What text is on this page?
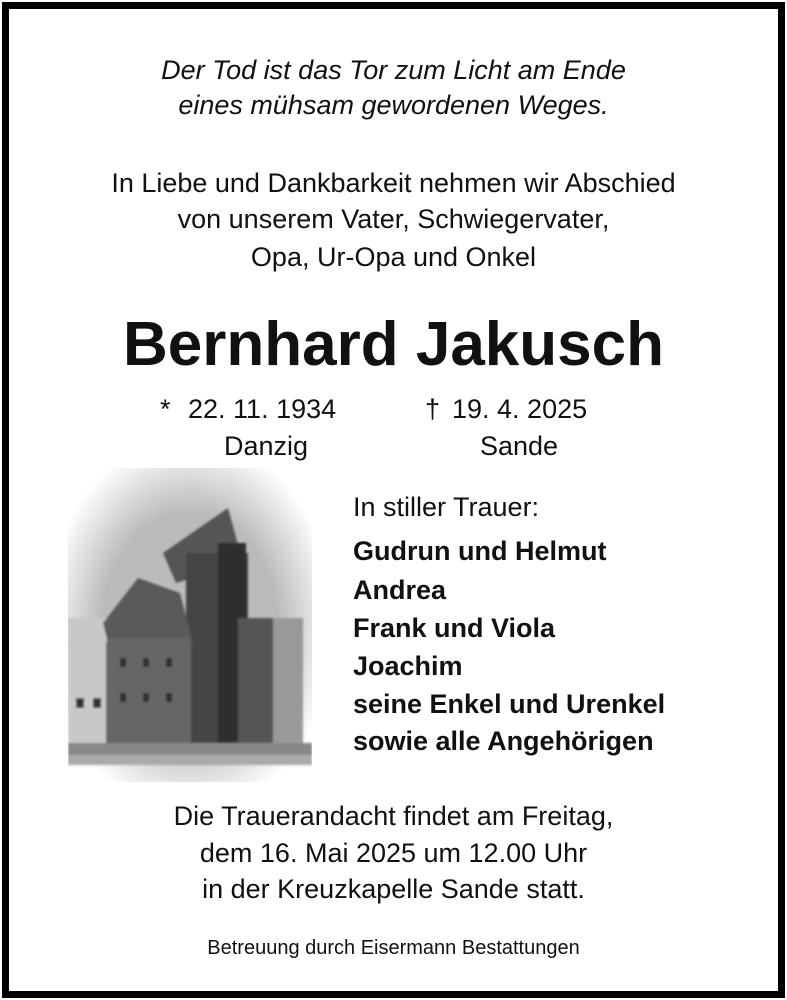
Der Tod ist das Tor zum Licht am Ende
eines mühsam gewordenen Weges.
In Liebe und Dankbarkeit nehmen wir Abschied
von unserem Vater, Schwiegervater,
Opa, Ur-Opa und Onkel
Bernhard Jakusch
* 22. 11. 1934
Danzig
† 19. 4. 2025
Sande
In stiller Trauer:
Gudrun und Helmut
Andrea
Frank und Viola
Joachim
seine Enkel und Urenkel
sowie alle Angehörigen
Die Trauerandacht findet am Freitag,
dem 16. Mai 2025 um 12.00 Uhr
in der Kreuzkapelle Sande statt.
Betreuung durch Eisermann Bestattungen
